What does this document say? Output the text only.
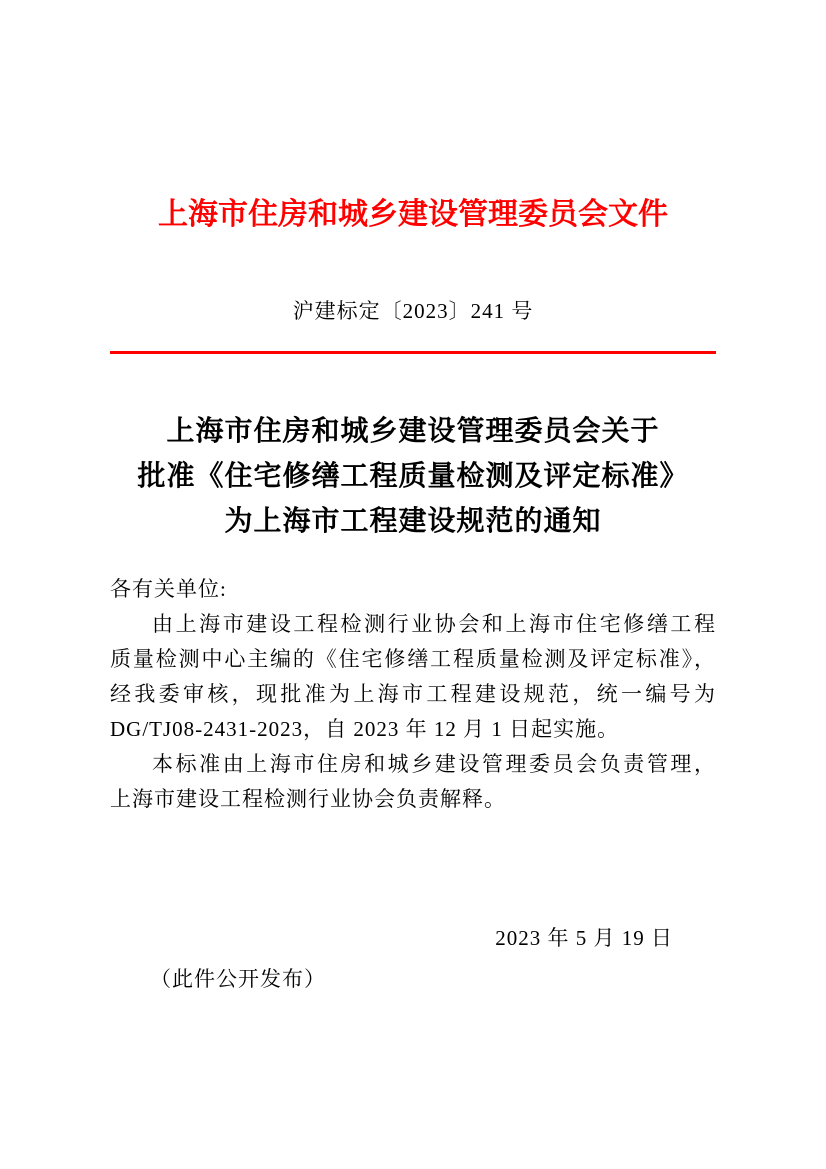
上海市住房和城乡建设管理委员会文件
沪建标定〔2023〕241 号
上海市住房和城乡建设管理委员会关于
批准《住宅修缮工程质量检测及评定标准》
为上海市工程建设规范的通知
各有关单位:
由上海市建设工程检测行业协会和上海市住宅修缮工程
质量检测中心主编的《住宅修缮工程质量检测及评定标准》，
经我委审核，现批准为上海市工程建设规范，统一编号为
DG/TJ08-2431-2023，自 2023 年 12 月 1 日起实施。
本标准由上海市住房和城乡建设管理委员会负责管理，
上海市建设工程检测行业协会负责解释。
2023 年 5 月 19 日
（此件公开发布）
